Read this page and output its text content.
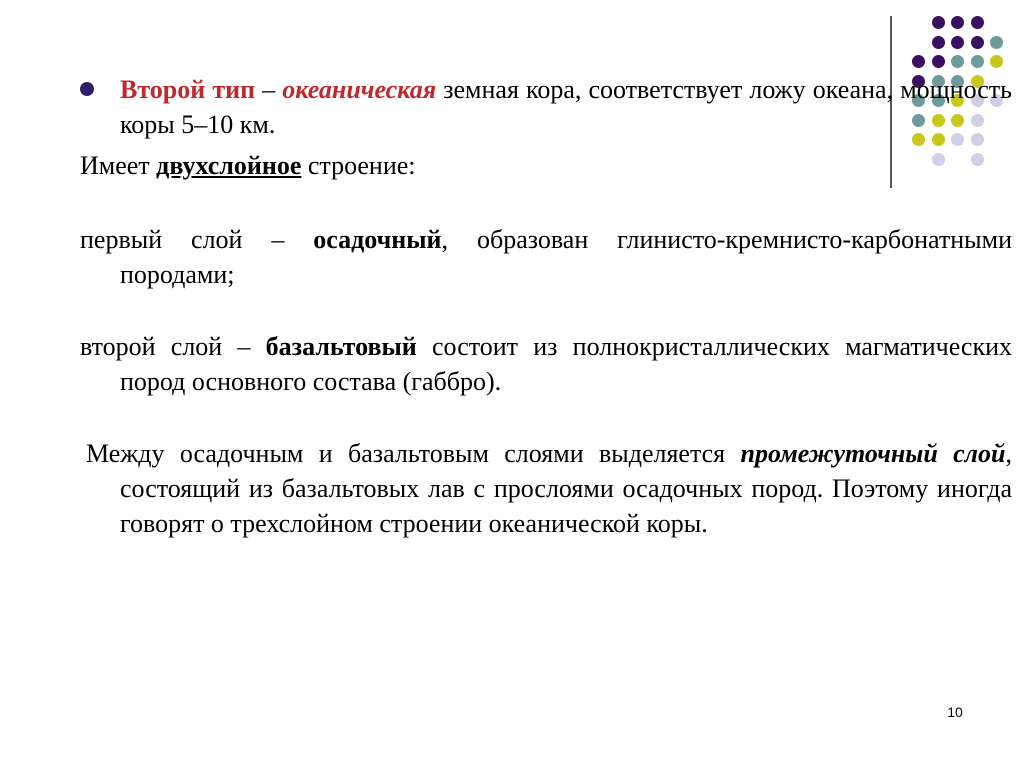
Второй тип – океаническая земная кора, соответствует ложу океана, мощность коры 5–10 км.
Имеет двухслойное строение:
первый слой – осадочный, образован глинисто-кремнисто-карбонатными породами;
второй слой – базальтовый состоит из полнокристаллических магматических пород основного состава (габбро).
Между осадочным и базальтовым слоями выделяется промежуточный слой, состоящий из базальтовых лав с прослоями осадочных пород. Поэтому иногда говорят о трехслойном строении океанической коры.
10
